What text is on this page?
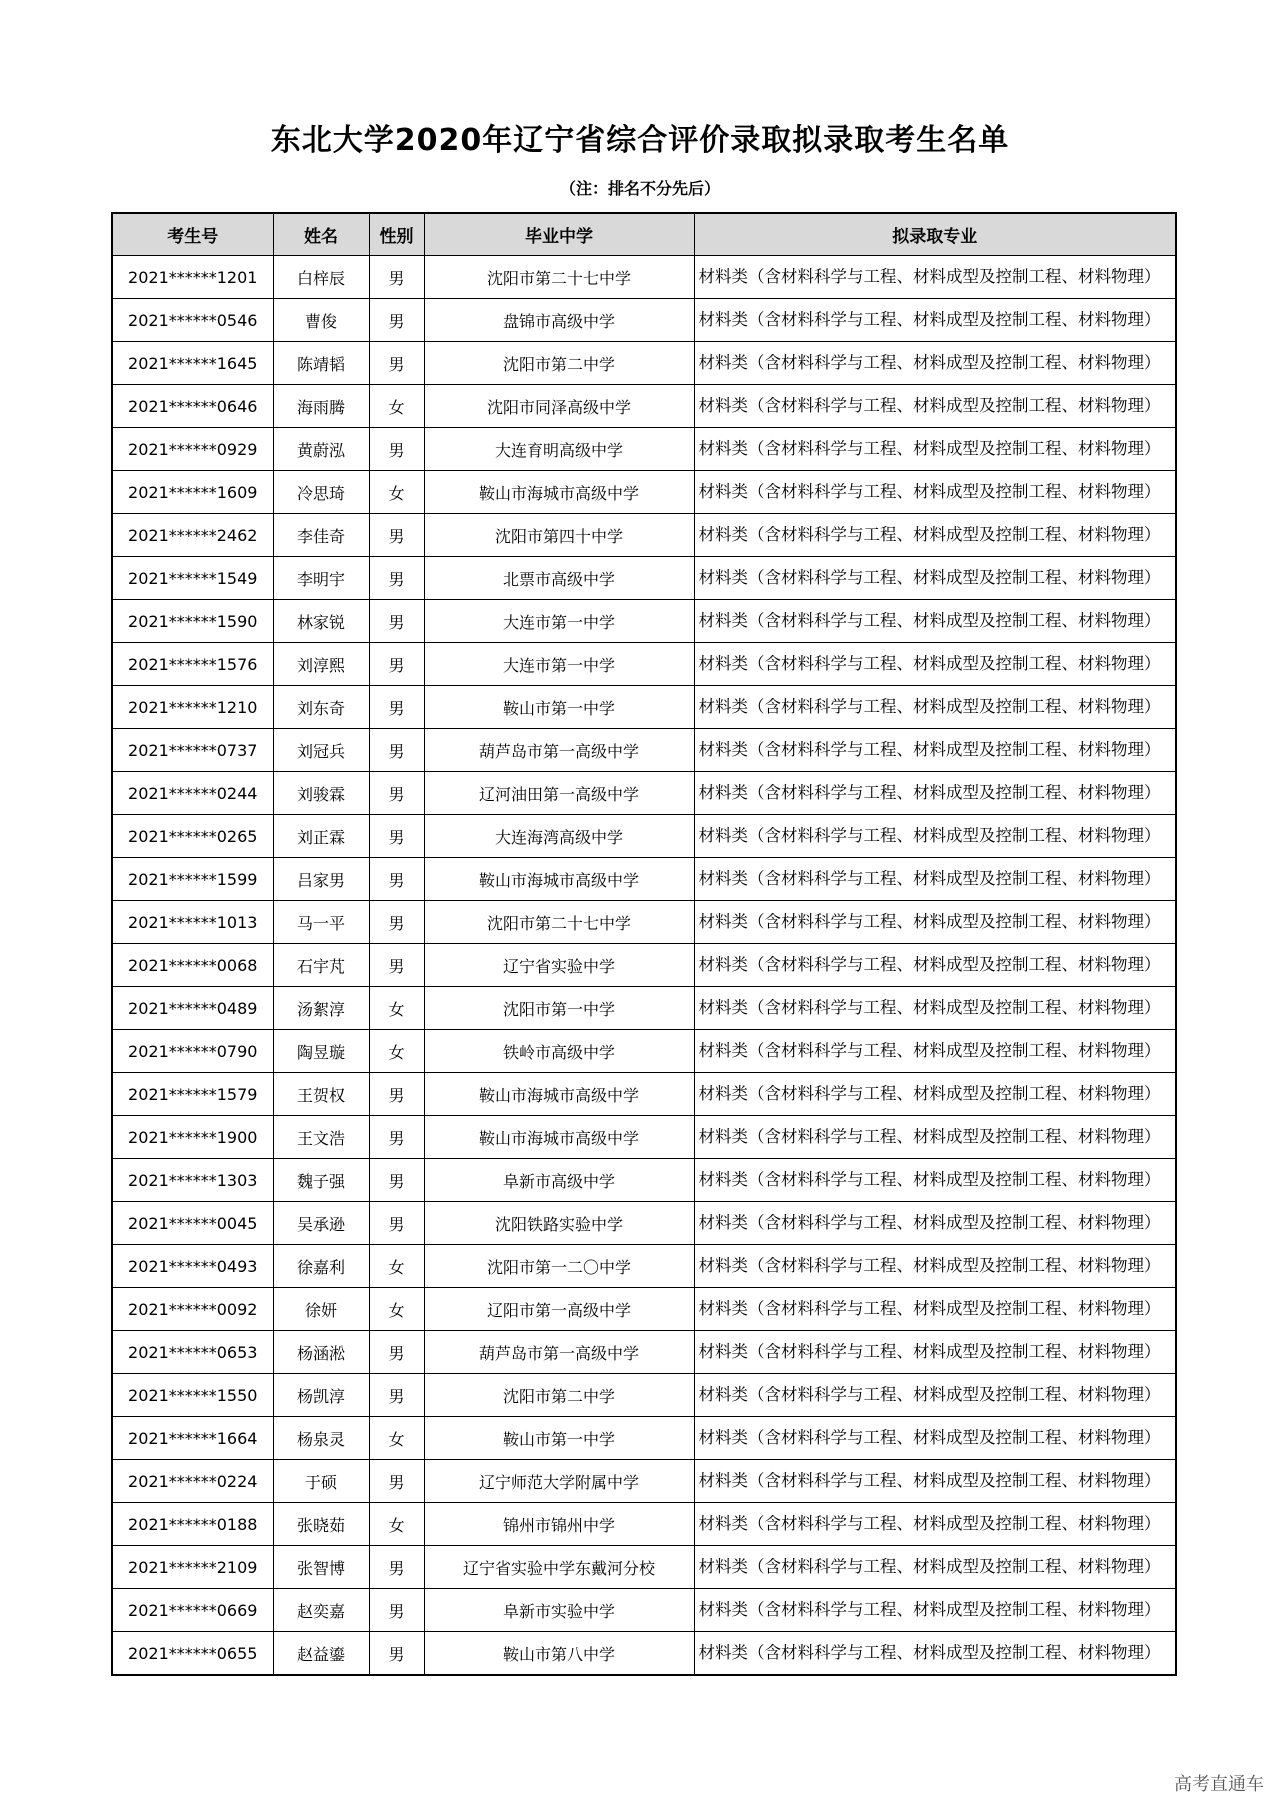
东北大学2020年辽宁省综合评价录取拟录取考生名单
（注：排名不分先后）
考生号	姓名	性别	毕业中学	拟录取专业
2021******1201	白梓辰	男	沈阳市第二十七中学	材料类（含材料科学与工程、材料成型及控制工程、材料物理）
2021******0546	曹俊	男	盘锦市高级中学	材料类（含材料科学与工程、材料成型及控制工程、材料物理）
2021******1645	陈靖韬	男	沈阳市第二中学	材料类（含材料科学与工程、材料成型及控制工程、材料物理）
2021******0646	海雨腾	女	沈阳市同泽高级中学	材料类（含材料科学与工程、材料成型及控制工程、材料物理）
2021******0929	黄蔚泓	男	大连育明高级中学	材料类（含材料科学与工程、材料成型及控制工程、材料物理）
2021******1609	冷思琦	女	鞍山市海城市高级中学	材料类（含材料科学与工程、材料成型及控制工程、材料物理）
2021******2462	李佳奇	男	沈阳市第四十中学	材料类（含材料科学与工程、材料成型及控制工程、材料物理）
2021******1549	李明宇	男	北票市高级中学	材料类（含材料科学与工程、材料成型及控制工程、材料物理）
2021******1590	林家锐	男	大连市第一中学	材料类（含材料科学与工程、材料成型及控制工程、材料物理）
2021******1576	刘淳熙	男	大连市第一中学	材料类（含材料科学与工程、材料成型及控制工程、材料物理）
2021******1210	刘东奇	男	鞍山市第一中学	材料类（含材料科学与工程、材料成型及控制工程、材料物理）
2021******0737	刘冠兵	男	葫芦岛市第一高级中学	材料类（含材料科学与工程、材料成型及控制工程、材料物理）
2021******0244	刘骏霖	男	辽河油田第一高级中学	材料类（含材料科学与工程、材料成型及控制工程、材料物理）
2021******0265	刘正霖	男	大连海湾高级中学	材料类（含材料科学与工程、材料成型及控制工程、材料物理）
2021******1599	吕家男	男	鞍山市海城市高级中学	材料类（含材料科学与工程、材料成型及控制工程、材料物理）
2021******1013	马一平	男	沈阳市第二十七中学	材料类（含材料科学与工程、材料成型及控制工程、材料物理）
2021******0068	石宇芃	男	辽宁省实验中学	材料类（含材料科学与工程、材料成型及控制工程、材料物理）
2021******0489	汤絮淳	女	沈阳市第一中学	材料类（含材料科学与工程、材料成型及控制工程、材料物理）
2021******0790	陶昱璇	女	铁岭市高级中学	材料类（含材料科学与工程、材料成型及控制工程、材料物理）
2021******1579	王贺权	男	鞍山市海城市高级中学	材料类（含材料科学与工程、材料成型及控制工程、材料物理）
2021******1900	王文浩	男	鞍山市海城市高级中学	材料类（含材料科学与工程、材料成型及控制工程、材料物理）
2021******1303	魏子强	男	阜新市高级中学	材料类（含材料科学与工程、材料成型及控制工程、材料物理）
2021******0045	吴承逊	男	沈阳铁路实验中学	材料类（含材料科学与工程、材料成型及控制工程、材料物理）
2021******0493	徐嘉利	女	沈阳市第一二〇中学	材料类（含材料科学与工程、材料成型及控制工程、材料物理）
2021******0092	徐妍	女	辽阳市第一高级中学	材料类（含材料科学与工程、材料成型及控制工程、材料物理）
2021******0653	杨涵淞	男	葫芦岛市第一高级中学	材料类（含材料科学与工程、材料成型及控制工程、材料物理）
2021******1550	杨凯淳	男	沈阳市第二中学	材料类（含材料科学与工程、材料成型及控制工程、材料物理）
2021******1664	杨泉灵	女	鞍山市第一中学	材料类（含材料科学与工程、材料成型及控制工程、材料物理）
2021******0224	于硕	男	辽宁师范大学附属中学	材料类（含材料科学与工程、材料成型及控制工程、材料物理）
2021******0188	张晓茹	女	锦州市锦州中学	材料类（含材料科学与工程、材料成型及控制工程、材料物理）
2021******2109	张智博	男	辽宁省实验中学东戴河分校	材料类（含材料科学与工程、材料成型及控制工程、材料物理）
2021******0669	赵奕嘉	男	阜新市实验中学	材料类（含材料科学与工程、材料成型及控制工程、材料物理）
2021******0655	赵益鎏	男	鞍山市第八中学	材料类（含材料科学与工程、材料成型及控制工程、材料物理）
高考直通车
